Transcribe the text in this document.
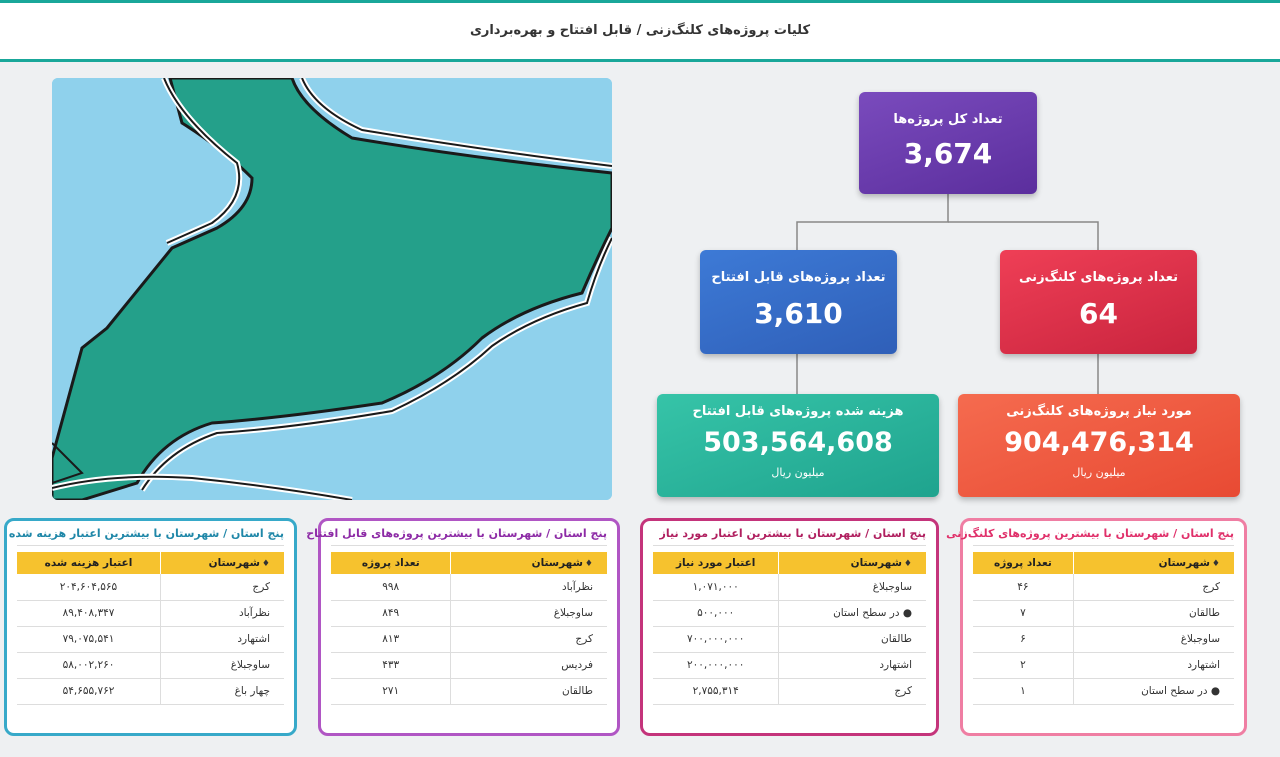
کلیات پروژه‌های کلنگ‌زنی / قابل افتتاح و بهره‌برداری
تعداد کل پروژه‌ها
3,674
تعداد پروژه‌های قابل افتتاح
3,610
تعداد پروژه‌های کلنگ‌زنی
64
هزینه شده پروژه‌های قابل افتتاح
503,564,608
میلیون ریال
مورد نیاز پروژه‌های کلنگ‌زنی
904,476,314
میلیون ریال
پنج استان / شهرستان با بیشترین پروژه‌های کلنگ‌زنی
♦شهرستان	تعداد پروژه
کرج	۴۶
طالقان	۷
ساوجبلاغ	۶
اشتهارد	۲
● در سطح استان	۱
پنج استان / شهرستان با بیشترین اعتبار مورد نیاز
♦شهرستان	اعتبار مورد نیاز
ساوجبلاغ	۱,۰۷۱,۰۰۰
● در سطح استان	۵۰۰,۰۰۰
طالقان	۷۰۰,۰۰۰,۰۰۰
اشتهارد	۲۰۰,۰۰۰,۰۰۰
کرج	۲,۷۵۵,۳۱۴
پنج استان / شهرستان با بیشترین پروژه‌های قابل افتتاح
♦شهرستان	تعداد پروژه
نظرآباد	۹۹۸
ساوجبلاغ	۸۴۹
کرج	۸۱۳
فردیس	۴۳۳
طالقان	۲۷۱
پنج استان / شهرستان با بیشترین اعتبار هزینه شده
♦شهرستان	اعتبار هزینه شده
کرج	۲۰۴,۶۰۴,۵۶۵
نظرآباد	۸۹,۴۰۸,۳۴۷
اشتهارد	۷۹,۰۷۵,۵۴۱
ساوجبلاغ	۵۸,۰۰۲,۲۶۰
چهار باغ	۵۴,۶۵۵,۷۶۲
